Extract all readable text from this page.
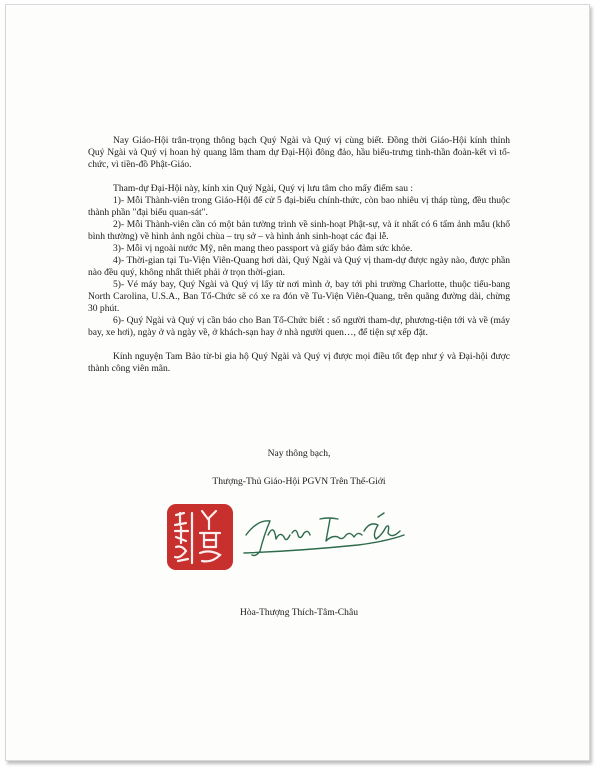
Nay Giáo-Hội trân-trọng thông bạch Quý Ngài và Quý vị cùng biết. Đồng thời Giáo-Hội kính thỉnh Quý Ngài và Quý vị hoan hỷ quang lâm tham dự Đại-Hội đông đảo, hầu biểu-trưng tinh-thần đoàn-kết vì tổ-chức, vì tiền-đồ Phật-Giáo.

Tham-dự Đại-Hội này, kính xin Quý Ngài, Quý vị lưu tâm cho mấy điểm sau :

1)- Mỗi Thành-viên trong Giáo-Hội để cử 5 đại-biểu chính-thức, còn bao nhiêu vị tháp tùng, đều thuộc thành phần "đại biểu quan-sát".

2)- Mỗi Thành-viên cần có một bản tường trình về sinh-hoạt Phật-sự, và ít nhất có 6 tấm ảnh mẫu (khổ bình thường) về hình ảnh ngôi chùa – trụ sở – và hình ảnh sinh-hoạt các đại lễ.

3)- Mỗi vị ngoài nước Mỹ, nên mang theo passport và giấy bảo đảm sức khỏe.

4)- Thời-gian tại Tu-Viện Viên-Quang hơi dài, Quý Ngài và Quý vị tham-dự được ngày nào, được phần nào đều quý, không nhất thiết phải ở trọn thời-gian.

5)- Vé máy bay, Quý Ngài và Quý vị lấy từ nơi mình ở, bay tới phi trường Charlotte, thuộc tiểu-bang North Carolina, U.S.A., Ban Tổ-Chức sẽ có xe ra đón về Tu-Viện Viên-Quang, trên quãng đường dài, chừng 30 phút.

6)- Quý Ngài và Quý vị cần báo cho Ban Tổ-Chức biết : số người tham-dự, phương-tiện tới và về (máy bay, xe hơi), ngày ở và ngày về, ở khách-sạn hay ở nhà người quen…, để tiện sự xếp đặt.

Kính nguyện Tam Bảo từ-bi gia hộ Quý Ngài và Quý vị được mọi điều tốt đẹp như ý và Đại-hội được thành công viên mãn.

Nay thông bạch,
Thượng-Thủ Giáo-Hội PGVN Trên Thế-Giới
Hòa-Thượng Thích-Tâm-Châu
